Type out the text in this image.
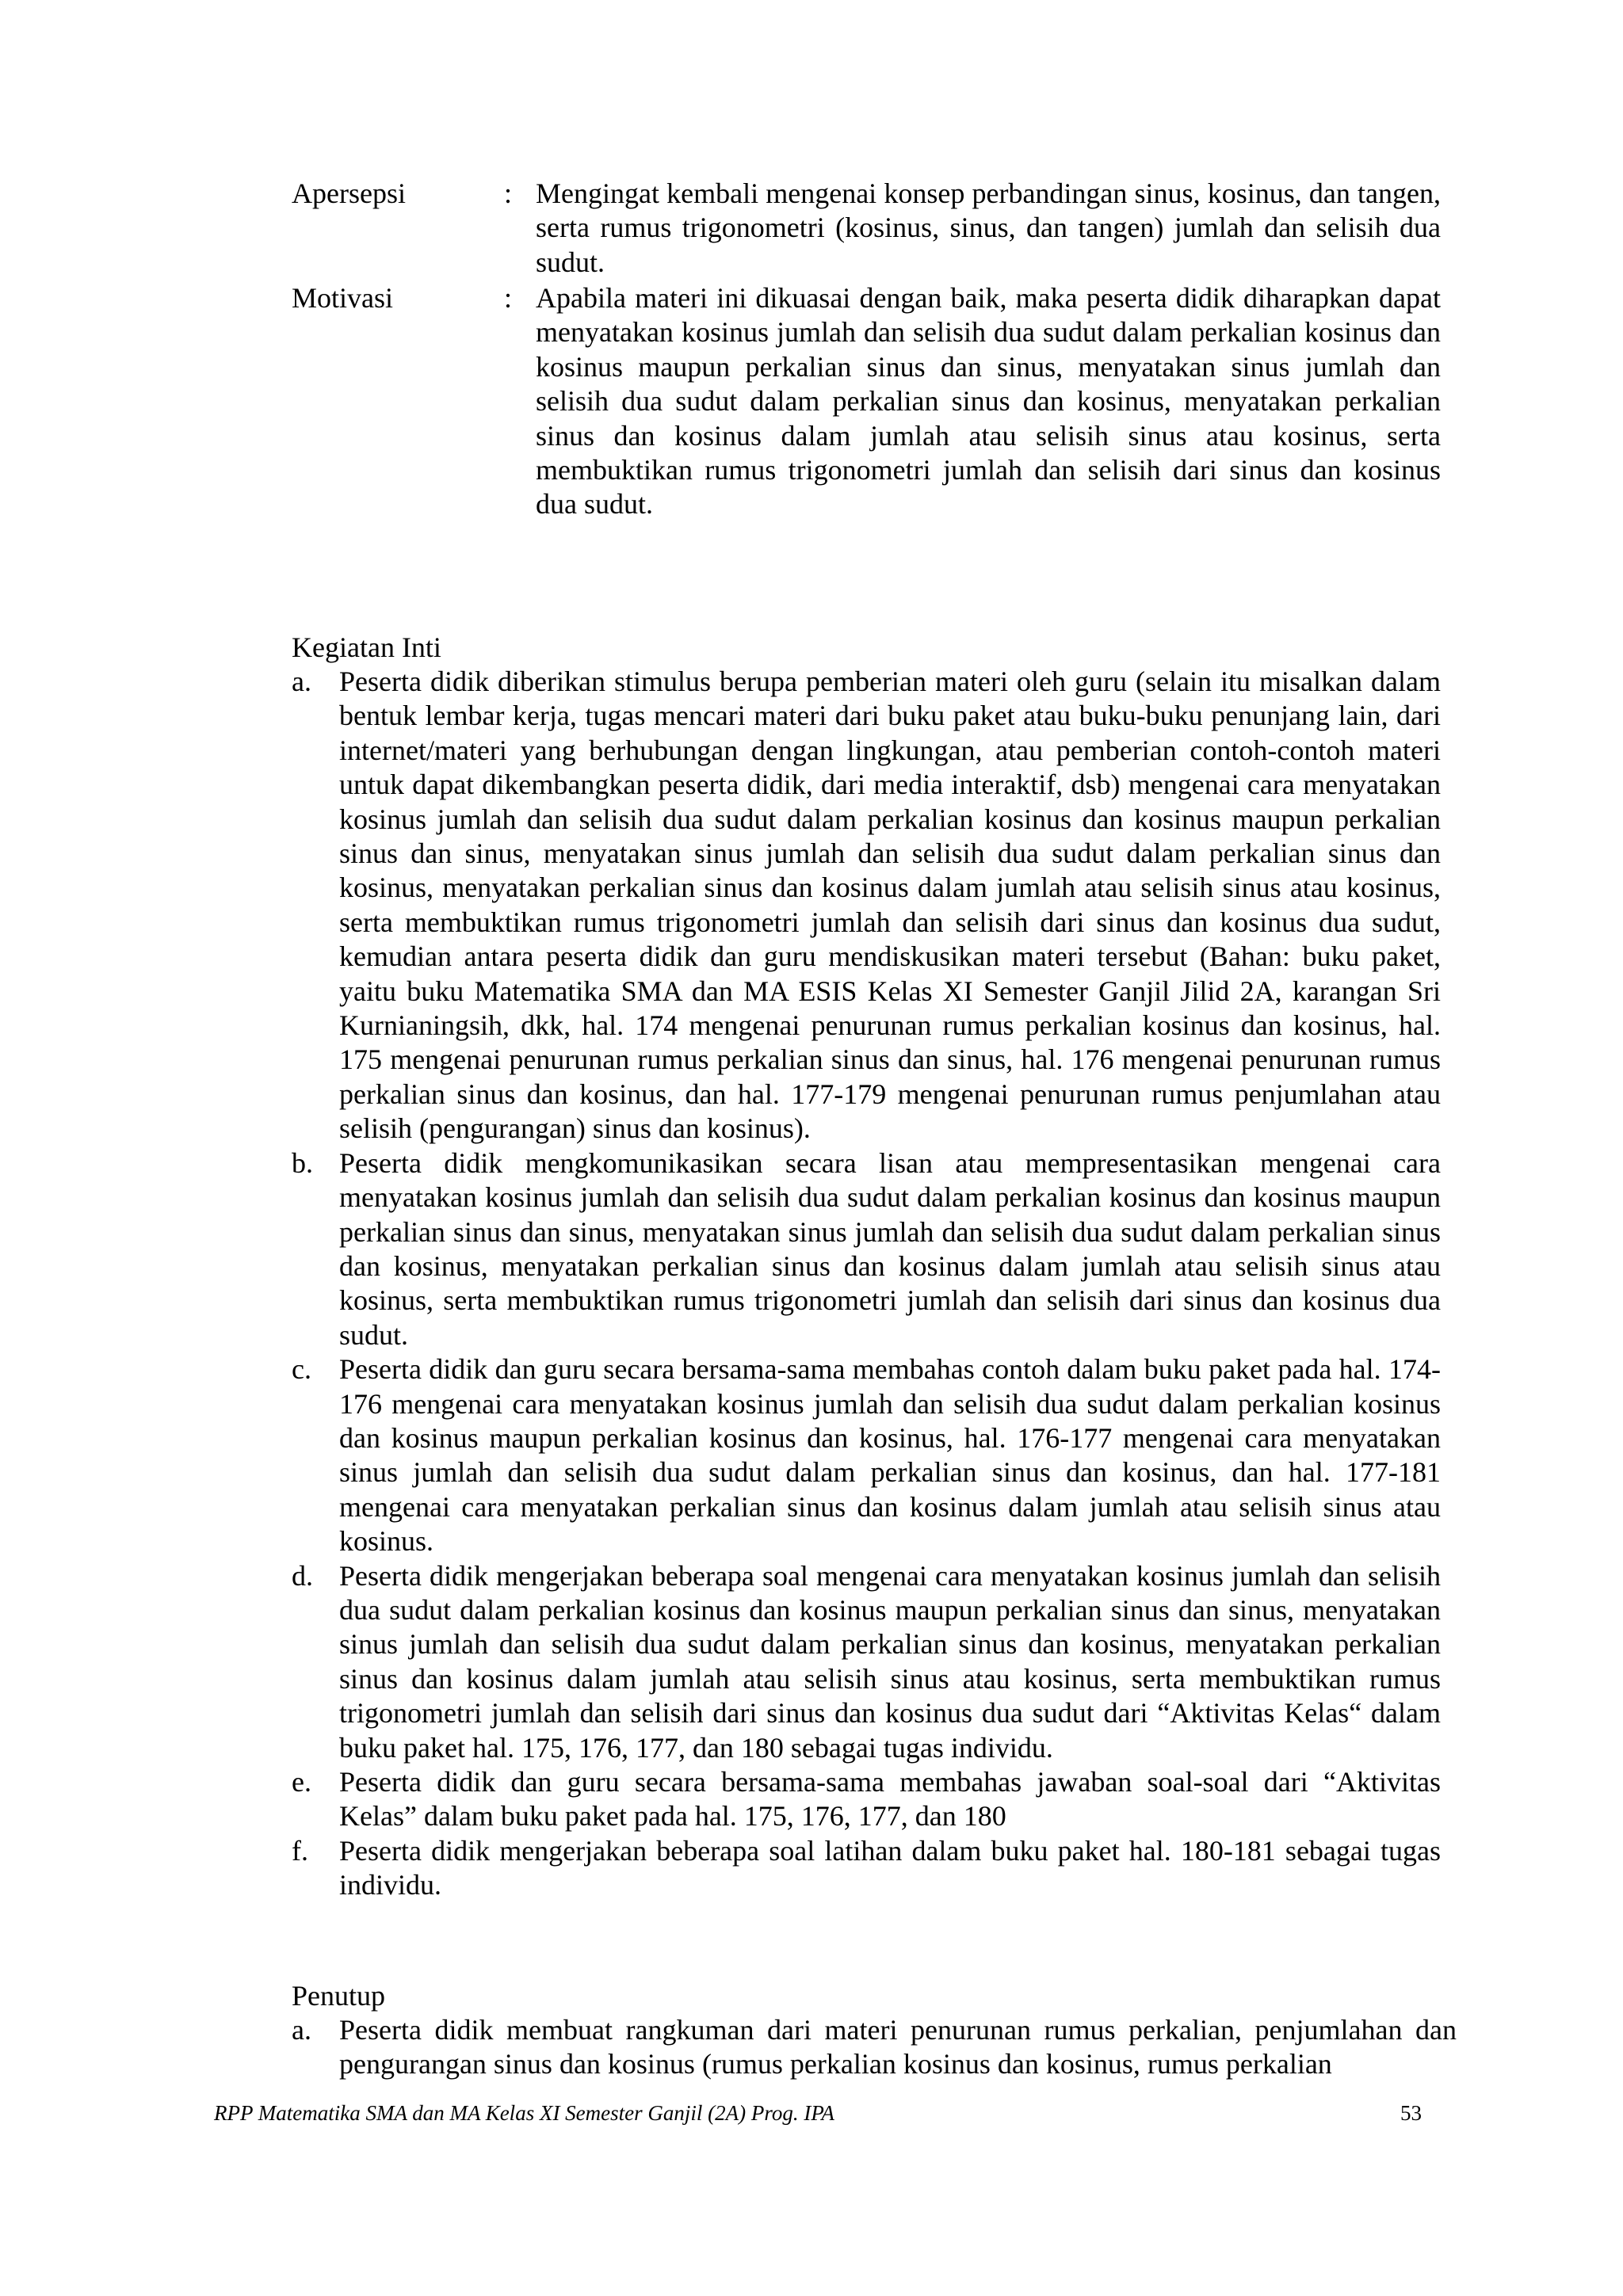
Apersepsi	: Mengingat kembali mengenai konsep perbandingan sinus, kosinus, dan tangen, serta rumus trigonometri (kosinus, sinus, dan tangen) jumlah dan selisih dua sudut.
Motivasi	: Apabila materi ini dikuasai dengan baik, maka peserta didik diharapkan dapat menyatakan kosinus jumlah dan selisih dua sudut dalam perkalian kosinus dan kosinus maupun perkalian sinus dan sinus, menyatakan sinus jumlah dan selisih dua sudut dalam perkalian sinus dan kosinus, menyatakan perkalian sinus dan kosinus dalam jumlah atau selisih sinus atau kosinus, serta membuktikan rumus trigonometri jumlah dan selisih dari sinus dan kosinus dua sudut.
Kegiatan Inti
a. Peserta didik diberikan stimulus berupa pemberian materi oleh guru (selain itu misalkan dalam bentuk lembar kerja, tugas mencari materi dari buku paket atau buku-buku penunjang lain, dari internet/materi yang berhubungan dengan lingkungan, atau pemberian contoh-contoh materi untuk dapat dikembangkan peserta didik, dari media interaktif, dsb) mengenai cara menyatakan kosinus jumlah dan selisih dua sudut dalam perkalian kosinus dan kosinus maupun perkalian sinus dan sinus, menyatakan sinus jumlah dan selisih dua sudut dalam perkalian sinus dan kosinus, menyatakan perkalian sinus dan kosinus dalam jumlah atau selisih sinus atau kosinus, serta membuktikan rumus trigonometri jumlah dan selisih dari sinus dan kosinus dua sudut, kemudian antara peserta didik dan guru mendiskusikan materi tersebut (Bahan: buku paket, yaitu buku Matematika SMA dan MA ESIS Kelas XI Semester Ganjil Jilid 2A, karangan Sri Kurnianingsih, dkk, hal. 174 mengenai penurunan rumus perkalian kosinus dan kosinus, hal. 175 mengenai penurunan rumus perkalian sinus dan sinus, hal. 176 mengenai penurunan rumus perkalian sinus dan kosinus, dan hal. 177-179 mengenai penurunan rumus penjumlahan atau selisih (pengurangan) sinus dan kosinus).
b. Peserta didik mengkomunikasikan secara lisan atau mempresentasikan mengenai cara menyatakan kosinus jumlah dan selisih dua sudut dalam perkalian kosinus dan kosinus maupun perkalian sinus dan sinus, menyatakan sinus jumlah dan selisih dua sudut dalam perkalian sinus dan kosinus, menyatakan perkalian sinus dan kosinus dalam jumlah atau selisih sinus atau kosinus, serta membuktikan rumus trigonometri jumlah dan selisih dari sinus dan kosinus dua sudut.
c. Peserta didik dan guru secara bersama-sama membahas contoh dalam buku paket pada hal. 174-176 mengenai cara menyatakan kosinus jumlah dan selisih dua sudut dalam perkalian kosinus dan kosinus maupun perkalian kosinus dan kosinus, hal. 176-177 mengenai cara menyatakan sinus jumlah dan selisih dua sudut dalam perkalian sinus dan kosinus, dan hal. 177-181 mengenai cara menyatakan perkalian sinus dan kosinus dalam jumlah atau selisih sinus atau kosinus.
d. Peserta didik mengerjakan beberapa soal mengenai cara menyatakan kosinus jumlah dan selisih dua sudut dalam perkalian kosinus dan kosinus maupun perkalian sinus dan sinus, menyatakan sinus jumlah dan selisih dua sudut dalam perkalian sinus dan kosinus, menyatakan perkalian sinus dan kosinus dalam jumlah atau selisih sinus atau kosinus, serta membuktikan rumus trigonometri jumlah dan selisih dari sinus dan kosinus dua sudut dari “Aktivitas Kelas“ dalam buku paket hal. 175, 176, 177, dan 180 sebagai tugas individu.
e. Peserta didik dan guru secara bersama-sama membahas jawaban soal-soal dari “Aktivitas Kelas” dalam buku paket pada hal. 175, 176, 177, dan 180
f.	Peserta didik mengerjakan beberapa soal latihan dalam buku paket hal. 180-181 sebagai tugas individu.
Penutup
a. Peserta didik membuat rangkuman dari materi penurunan rumus perkalian, penjumlahan dan pengurangan sinus dan kosinus (rumus perkalian kosinus dan kosinus, rumus perkalian
RPP Matematika SMA dan MA Kelas XI Semester Ganjil (2A) Prog. IPA	53
